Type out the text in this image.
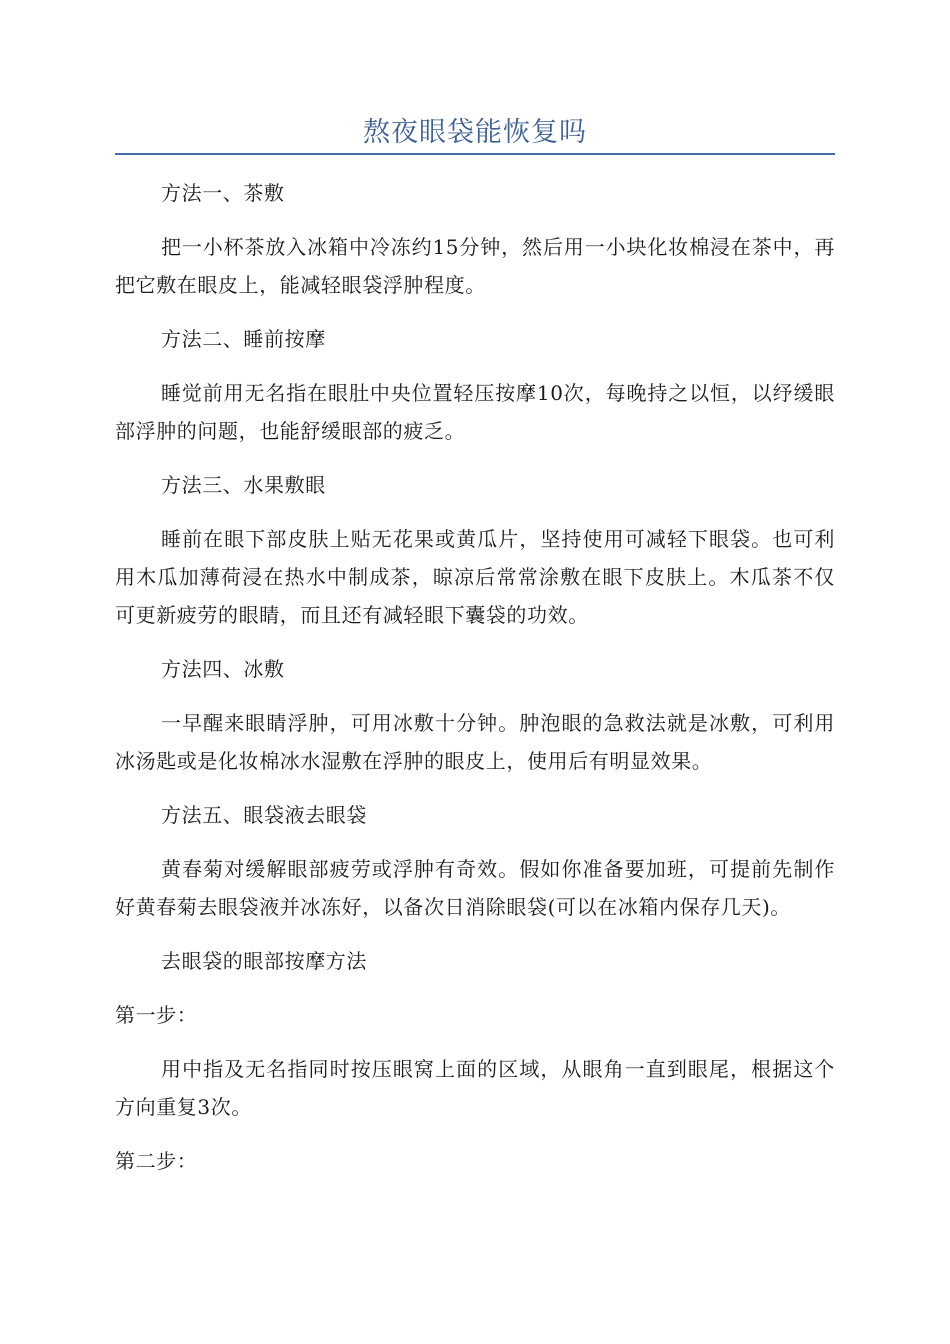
熬夜眼袋能恢复吗

方法一、茶敷

把一小杯茶放入冰箱中冷冻约15分钟，然后用一小块化妆棉浸在茶中，再把它敷在眼皮上，能减轻眼袋浮肿程度。

方法二、睡前按摩

睡觉前用无名指在眼肚中央位置轻压按摩10次，每晚持之以恒，以纾缓眼部浮肿的问题，也能舒缓眼部的疲乏。

方法三、水果敷眼

睡前在眼下部皮肤上贴无花果或黄瓜片，坚持使用可减轻下眼袋。也可利用木瓜加薄荷浸在热水中制成茶，晾凉后常常涂敷在眼下皮肤上。木瓜茶不仅可更新疲劳的眼睛，而且还有减轻眼下囊袋的功效。

方法四、冰敷

一早醒来眼睛浮肿，可用冰敷十分钟。肿泡眼的急救法就是冰敷，可利用冰汤匙或是化妆棉冰水湿敷在浮肿的眼皮上，使用后有明显效果。

方法五、眼袋液去眼袋

黄春菊对缓解眼部疲劳或浮肿有奇效。假如你准备要加班，可提前先制作好黄春菊去眼袋液并冰冻好，以备次日消除眼袋(可以在冰箱内保存几天)。

去眼袋的眼部按摩方法

第一步：

用中指及无名指同时按压眼窝上面的区域，从眼角一直到眼尾，根据这个方向重复3次。

第二步：
